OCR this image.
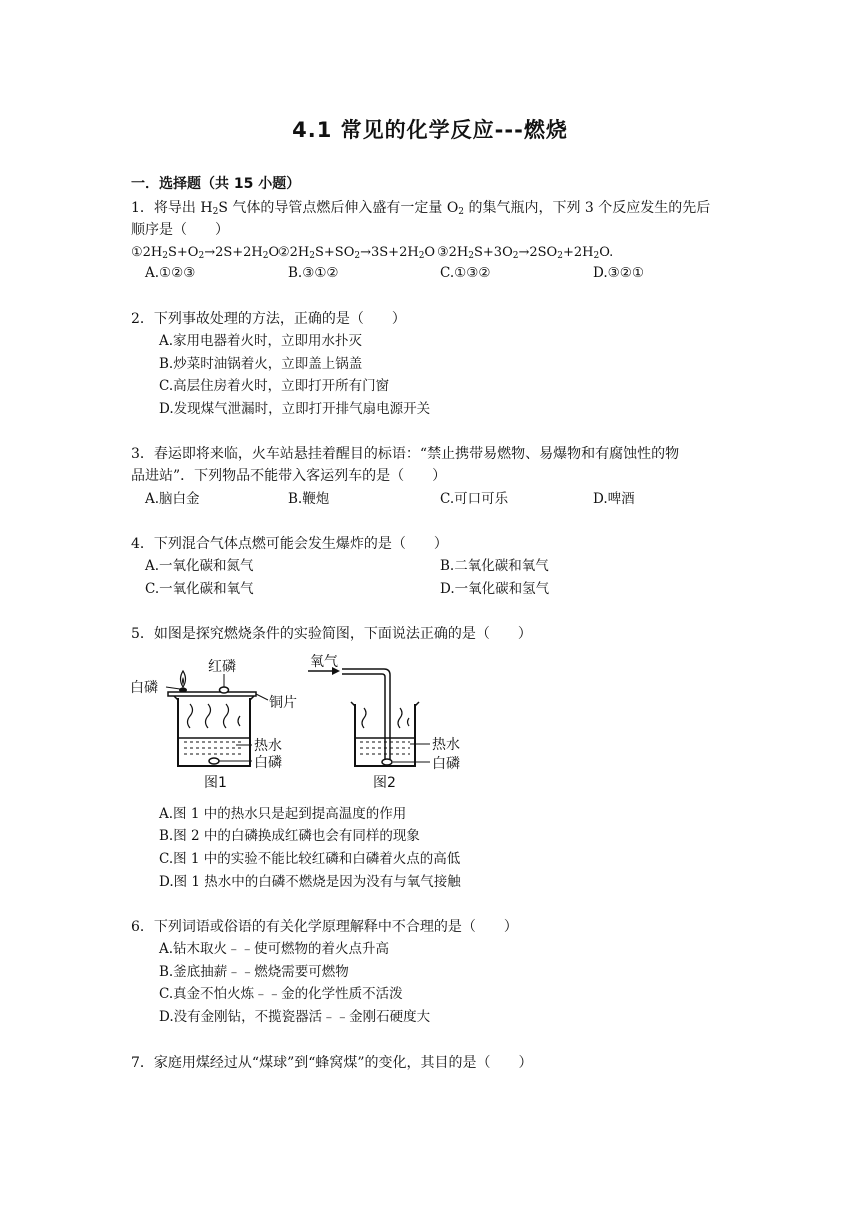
4.1 常见的化学反应---燃烧
一．选择题（共 15 小题）
1．将导出 $H_2S$ 气体的导管点燃后伸入盛有一定量 $O_2$ 的集气瓶内，下列 3 个反应发生的先后
顺序是（　　）
$①2H_2S+O_2\to 2S+2H_2O$
$②2H_2S+SO_2\to 3S+2H_2O$ $③2H_2S+3O_2\to 2SO_2+2H_2O$.
A.①②③	B.③①②	C.①③②	D.③②①
2．下列事故处理的方法，正确的是（　　）
A.家用电器着火时，立即用水扑灭
B.炒菜时油锅着火，立即盖上锅盖
C.高层住房着火时，立即打开所有门窗
D.发现煤气泄漏时，立即打开排气扇电源开关
3．春运即将来临，火车站悬挂着醒目的标语：“禁止携带易燃物、易爆物和有腐蚀性的物
品进站”．下列物品不能带入客运列车的是（　　）
A.脑白金	B.鞭炮	C.可口可乐	D.啤酒
4．下列混合气体点燃可能会发生爆炸的是（　　）
A.一氧化碳和氮气	B.二氧化碳和氧气
C.一氧化碳和氧气	D.一氧化碳和氢气
5．如图是探究燃烧条件的实验简图，下面说法正确的是（　　）
红磷
白磷
铜片
热水
白磷
图1
氧气
热水
白磷
图2
A.图 1 中的热水只是起到提高温度的作用
B.图 2 中的白磷换成红磷也会有同样的现象
C.图 1 中的实验不能比较红磷和白磷着火点的高低
D.图 1 热水中的白磷不燃烧是因为没有与氧气接触
6．下列词语或俗语的有关化学原理解释中不合理的是（　　）
A.钻木取火﹣﹣使可燃物的着火点升高
B.釜底抽薪﹣﹣燃烧需要可燃物
C.真金不怕火炼﹣﹣金的化学性质不活泼
D.没有金刚钻，不揽瓷器活﹣﹣金刚石硬度大
7．家庭用煤经过从“煤球”到“蜂窝煤”的变化，其目的是（　　）
